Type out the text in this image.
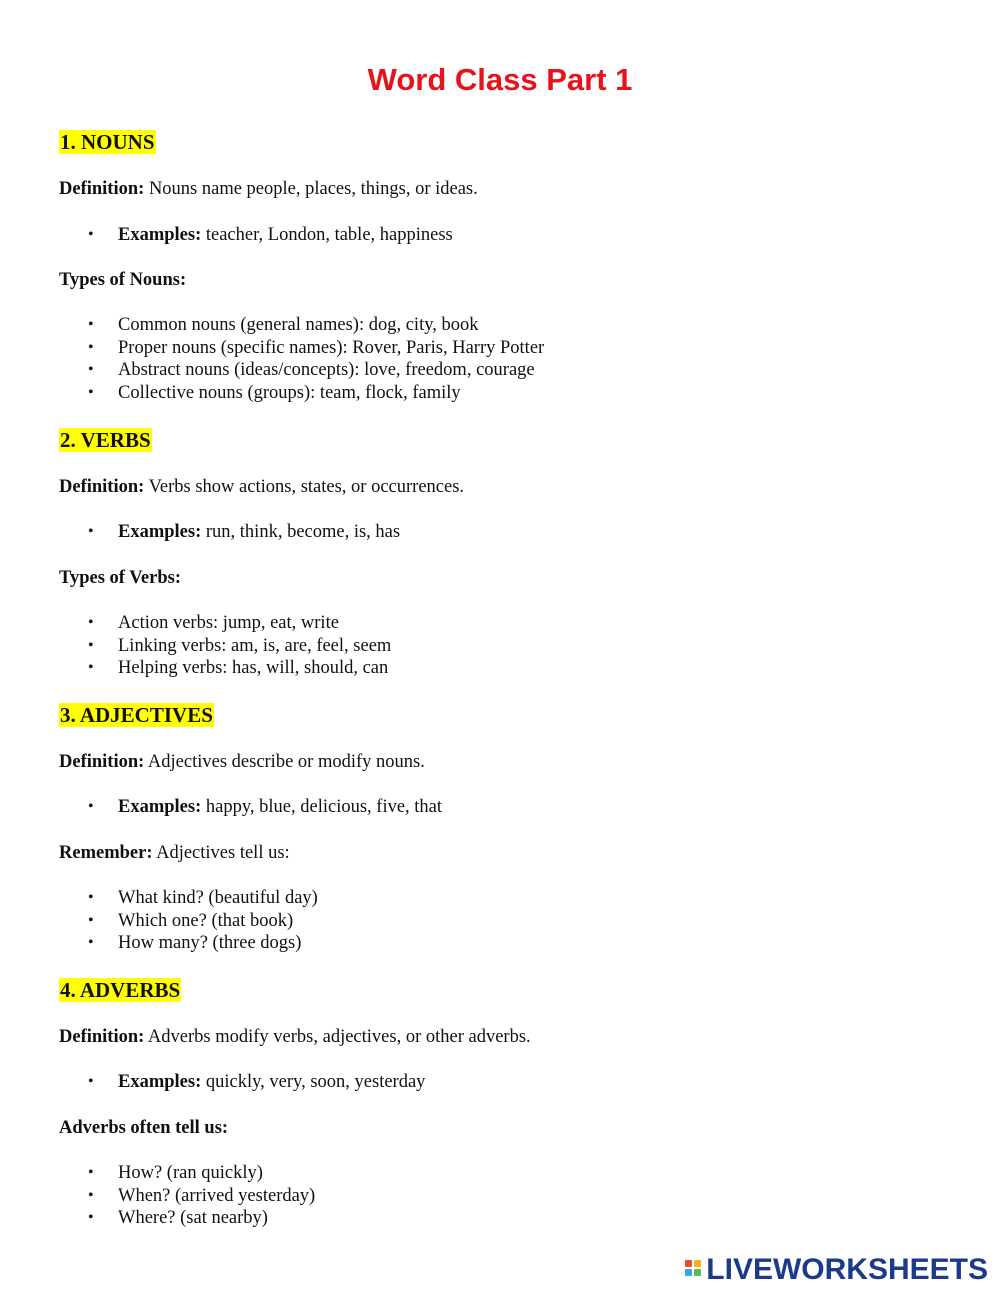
Word Class Part 1
1. NOUNS
Definition: Nouns name people, places, things, or ideas.
• Examples: teacher, London, table, happiness
Types of Nouns:
• Common nouns (general names): dog, city, book
• Proper nouns (specific names): Rover, Paris, Harry Potter
• Abstract nouns (ideas/concepts): love, freedom, courage
• Collective nouns (groups): team, flock, family
2. VERBS
Definition: Verbs show actions, states, or occurrences.
• Examples: run, think, become, is, has
Types of Verbs:
• Action verbs: jump, eat, write
• Linking verbs: am, is, are, feel, seem
• Helping verbs: has, will, should, can
3. ADJECTIVES
Definition: Adjectives describe or modify nouns.
• Examples: happy, blue, delicious, five, that
Remember: Adjectives tell us:
• What kind? (beautiful day)
• Which one? (that book)
• How many? (three dogs)
4. ADVERBS
Definition: Adverbs modify verbs, adjectives, or other adverbs.
• Examples: quickly, very, soon, yesterday
Adverbs often tell us:
• How? (ran quickly)
• When? (arrived yesterday)
• Where? (sat nearby)
LIVEWORKSHEETS
